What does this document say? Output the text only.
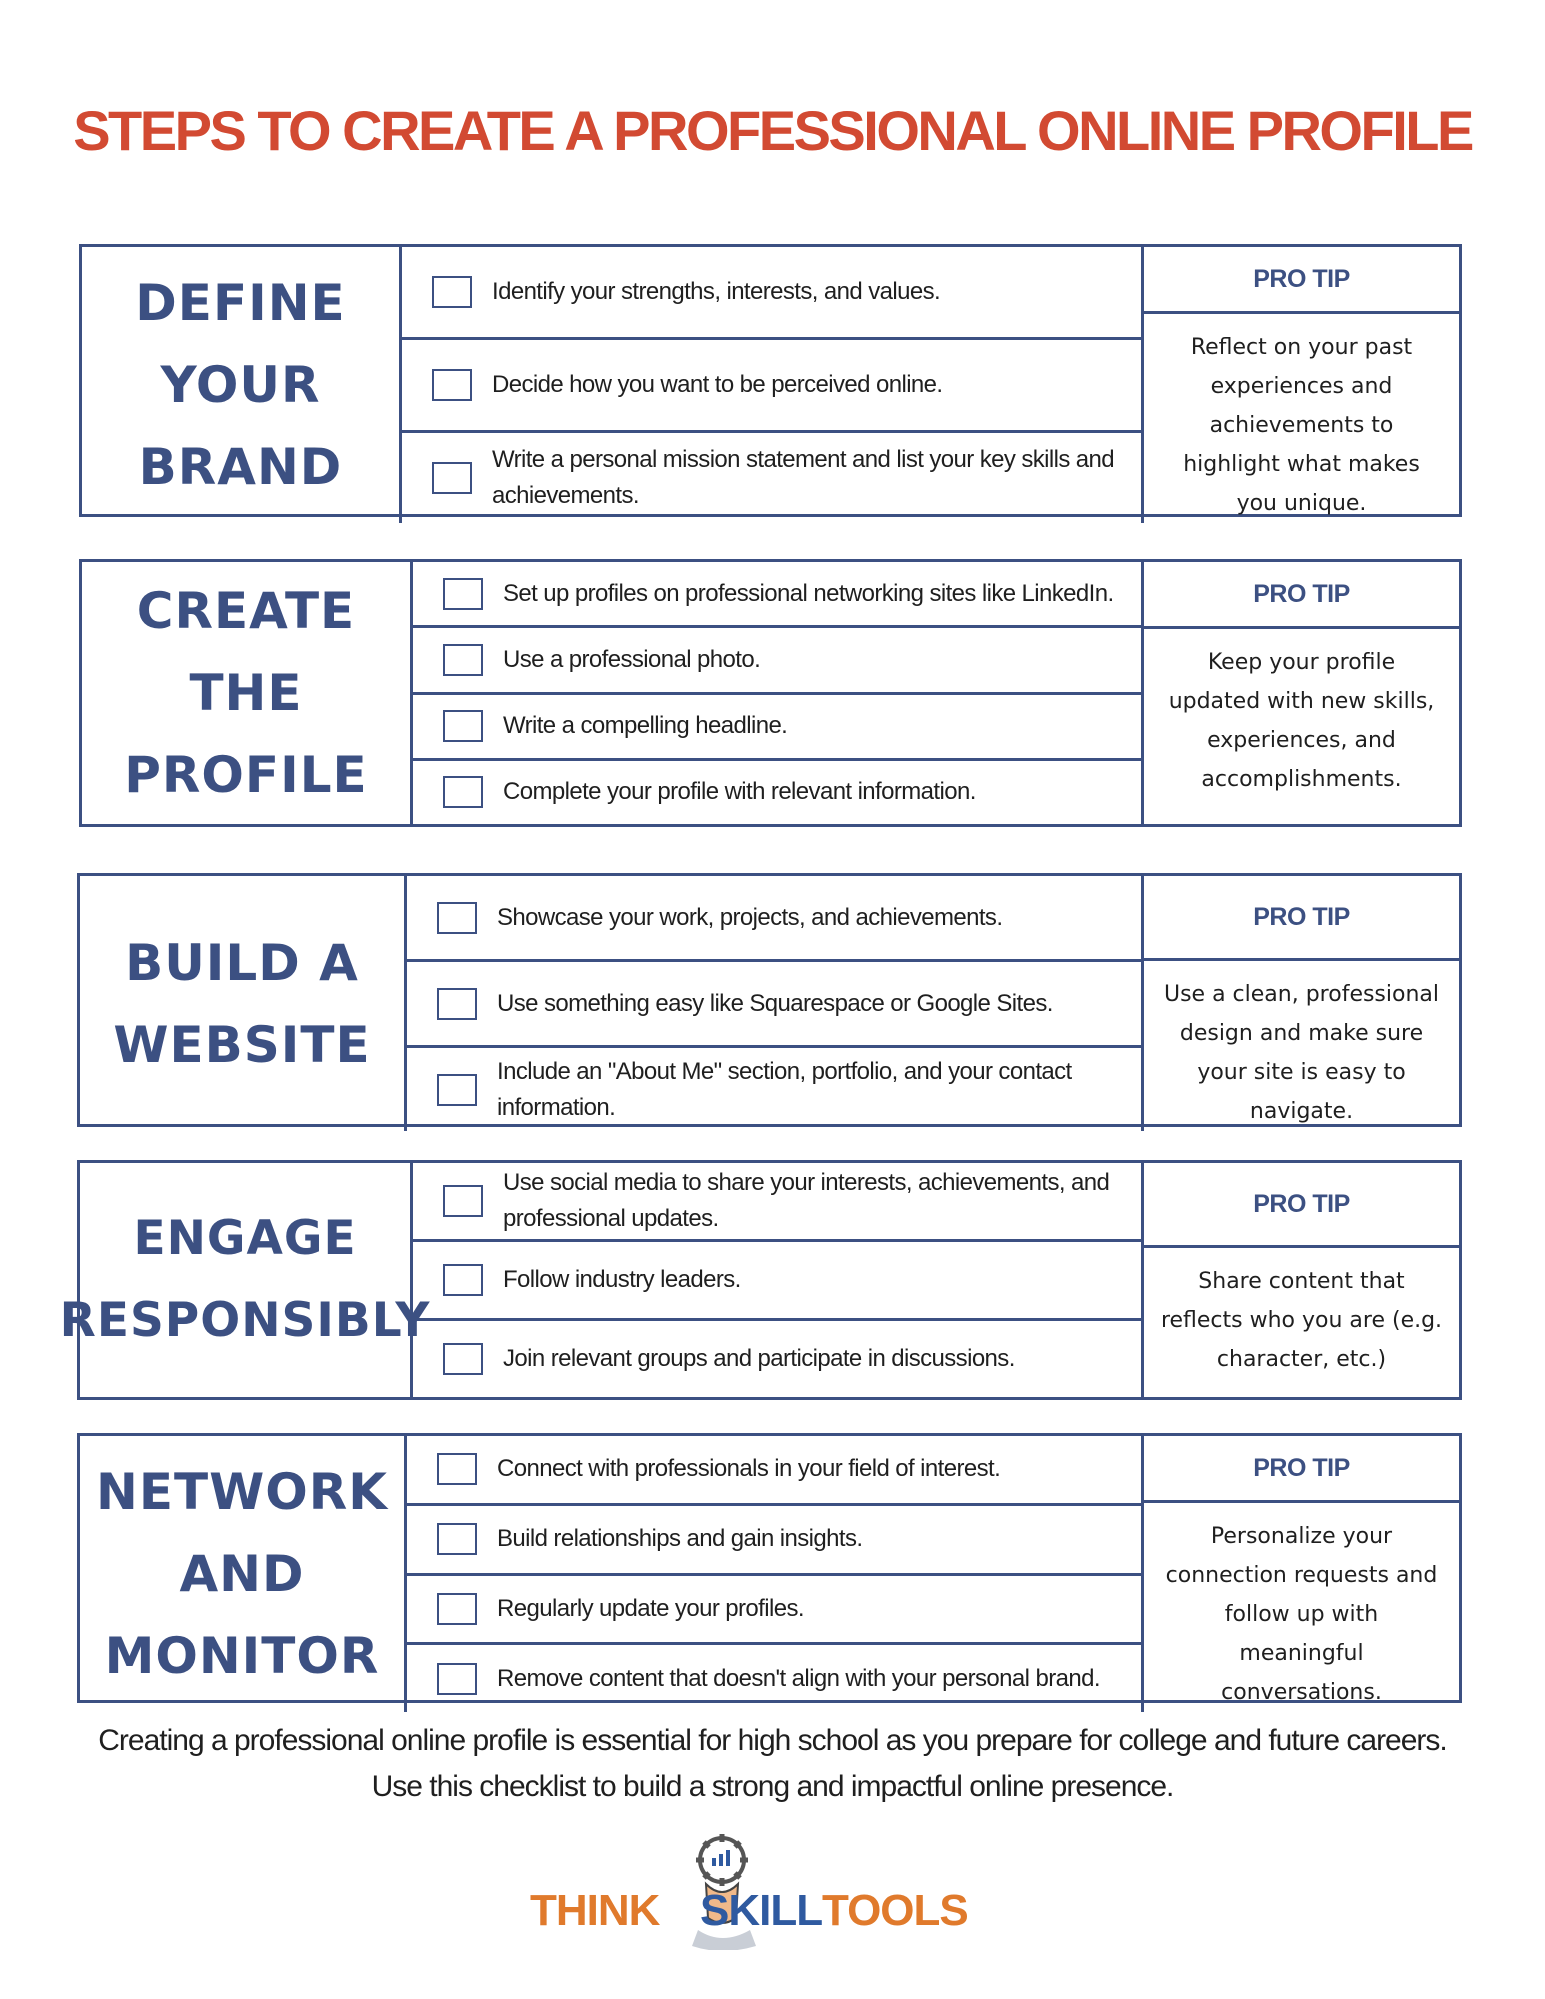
STEPS TO CREATE A PROFESSIONAL ONLINE PROFILE
DEFINE YOUR BRAND
Identify your strengths, interests, and values.
Decide how you want to be perceived online.
Write a personal mission statement and list your key skills and achievements.
PRO TIP
Reflect on your past experiences and achievements to highlight what makes you unique.
CREATE THE PROFILE
Set up profiles on professional networking sites like LinkedIn.
Use a professional photo.
Write a compelling headline.
Complete your profile with relevant information.
PRO TIP
Keep your profile updated with new skills, experiences, and accomplishments.
BUILD A WEBSITE
Showcase your work, projects, and achievements.
Use something easy like Squarespace or Google Sites.
Include an "About Me" section, portfolio, and your contact information.
PRO TIP
Use a clean, professional design and make sure your site is easy to navigate.
ENGAGE RESPONSIBLY
Use social media to share your interests, achievements, and professional updates.
Follow industry leaders.
Join relevant groups and participate in discussions.
PRO TIP
Share content that reflects who you are (e.g. character, etc.)
NETWORK AND MONITOR
Connect with professionals in your field of interest.
Build relationships and gain insights.
Regularly update your profiles.
Remove content that doesn't align with your personal brand.
PRO TIP
Personalize your connection requests and follow up with meaningful conversations.
Creating a professional online profile is essential for high school as you prepare for college and future careers.
Use this checklist to build a strong and impactful online presence.
THINK SKILL TOOLS
